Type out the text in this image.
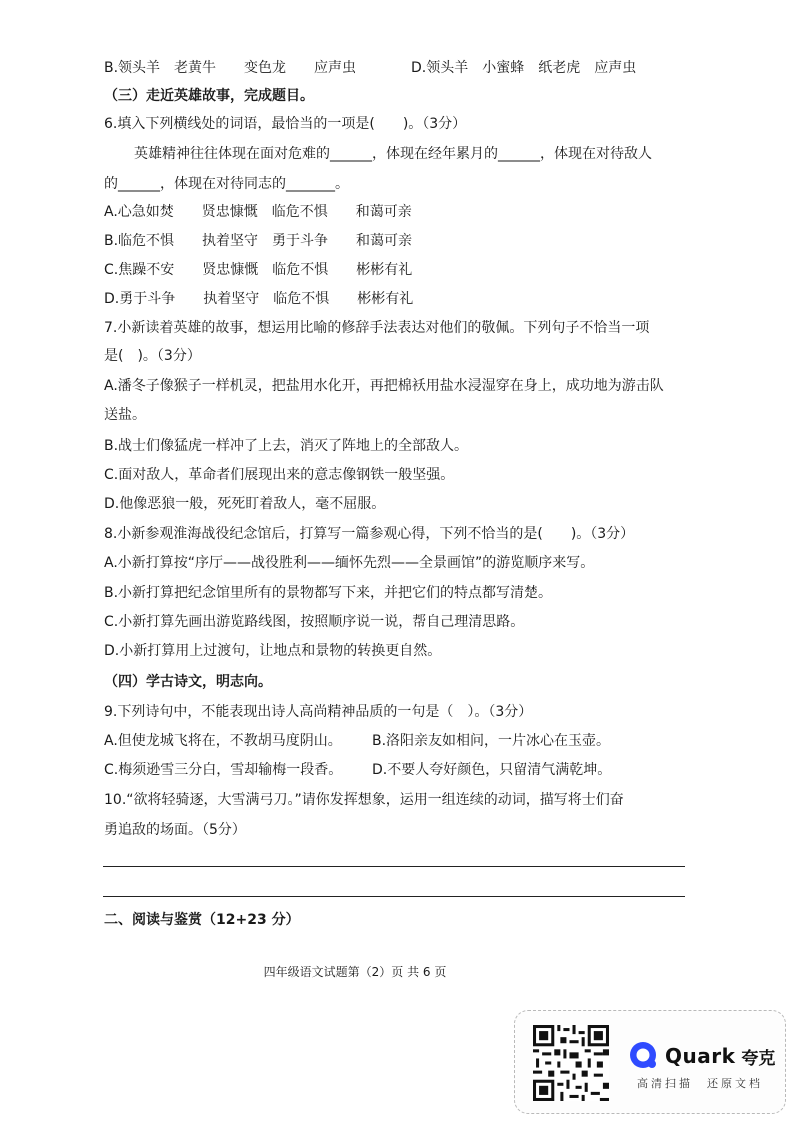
B.领头羊　老黄牛　　变色龙　　应声虫	D.领头羊　小蜜蜂　纸老虎　应声虫
（三）走近英雄故事，完成题目。
6.填入下列横线处的词语，最恰当的一项是(　　)。（3分）
英雄精神往往体现在面对危难的______，体现在经年累月的______，体现在对待敌人
的______，体现在对待同志的_______。
A.心急如焚　　贤忠慷慨　临危不惧　　和蔼可亲
B.临危不惧　　执着坚守　勇于斗争　　和蔼可亲
C.焦躁不安　　贤忠慷慨　临危不惧　　彬彬有礼
D.勇于斗争　　执着坚守　临危不惧　　彬彬有礼
7.小新读着英雄的故事，想运用比喻的修辞手法表达对他们的敬佩。下列句子不恰当一项
是(　)。（3分）
A.潘冬子像猴子一样机灵，把盐用水化开，再把棉袄用盐水浸湿穿在身上，成功地为游击队
送盐。
B.战士们像猛虎一样冲了上去，消灭了阵地上的全部敌人。
C.面对敌人，革命者们展现出来的意志像钢铁一般坚强。
D.他像恶狼一般，死死盯着敌人，毫不屈服。
8.小新参观淮海战役纪念馆后，打算写一篇参观心得，下列不恰当的是(　　)。（3分）
A.小新打算按“序厅——战役胜利——缅怀先烈——全景画馆”的游览顺序来写。
B.小新打算把纪念馆里所有的景物都写下来，并把它们的特点都写清楚。
C.小新打算先画出游览路线图，按照顺序说一说，帮自己理清思路。
D.小新打算用上过渡句，让地点和景物的转换更自然。
（四）学古诗文，明志向。
9.下列诗句中，不能表现出诗人高尚精神品质的一句是（　）。（3分）
A.但使龙城飞将在，不教胡马度阴山。 B.洛阳亲友如相问，一片冰心在玉壶。
C.梅须逊雪三分白，雪却输梅一段香。 D.不要人夸好颜色，只留清气满乾坤。
10.“欲将轻骑逐，大雪满弓刀。”请你发挥想象，运用一组连续的动词，描写将士们奋
勇追敌的场面。（5分）
二、阅读与鉴赏（12+23 分）
四年级语文试题第（2）页 共 6 页
Quark 夸克
高清扫描　还原文档
